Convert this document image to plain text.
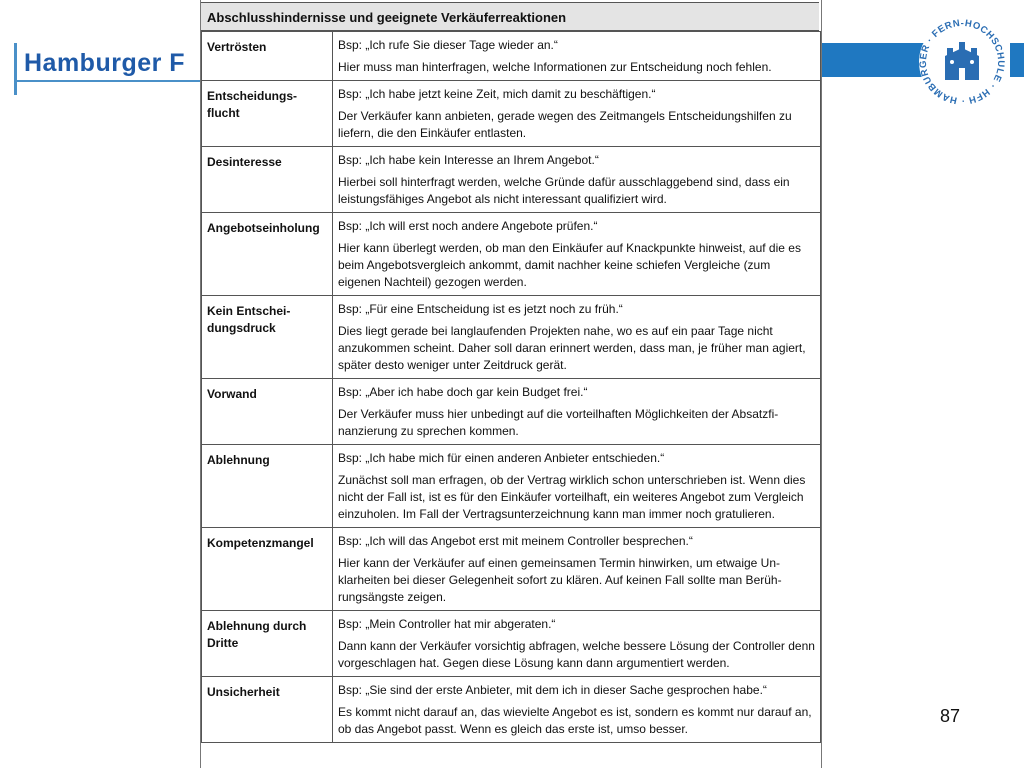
Hamburger F
HAMBURGER · FERN-HOCHSCHULE · HFH ·
Abschlusshindernisse und geeignete Verkäuferreaktionen
Vertrösten	Bsp: „Ich rufe Sie dieser Tage wieder an.“
Hier muss man hinterfragen, welche Informationen zur Entscheidung noch fehlen.

Entscheidungs-flucht	Bsp: „Ich habe jetzt keine Zeit, mich damit zu beschäftigen.“
Der Verkäufer kann anbieten, gerade wegen des Zeitmangels Entscheidungshilfen zu liefern, die den Einkäufer entlasten.

Desinteresse	Bsp: „Ich habe kein Interesse an Ihrem Angebot.“
Hierbei soll hinterfragt werden, welche Gründe dafür ausschlaggebend sind, dass ein leistungsfähiges Angebot als nicht interessant qualifiziert wird.

Angebotseinholung	Bsp: „Ich will erst noch andere Angebote prüfen.“
Hier kann überlegt werden, ob man den Einkäufer auf Knackpunkte hinweist, auf die es beim Angebotsvergleich ankommt, damit nachher keine schiefen Vergleiche (zum eigenen Nachteil) gezogen werden.

Kein Entschei-dungsdruck	Bsp: „Für eine Entscheidung ist es jetzt noch zu früh.“
Dies liegt gerade bei langlaufenden Projekten nahe, wo es auf ein paar Tage nicht anzukommen scheint. Daher soll daran erinnert werden, dass man, je früher man agiert, später desto weniger unter Zeitdruck gerät.

Vorwand	Bsp: „Aber ich habe doch gar kein Budget frei.“
Der Verkäufer muss hier unbedingt auf die vorteilhaften Möglichkeiten der Absatzfi-nanzierung zu sprechen kommen.

Ablehnung	Bsp: „Ich habe mich für einen anderen Anbieter entschieden.“
Zunächst soll man erfragen, ob der Vertrag wirklich schon unterschrieben ist. Wenn dies nicht der Fall ist, ist es für den Einkäufer vorteilhaft, ein weiteres Angebot zum Vergleich einzuholen. Im Fall der Vertragsunterzeichnung kann man immer noch gratulieren.

Kompetenzmangel	Bsp: „Ich will das Angebot erst mit meinem Controller besprechen.“
Hier kann der Verkäufer auf einen gemeinsamen Termin hinwirken, um etwaige Un-klarheiten bei dieser Gelegenheit sofort zu klären. Auf keinen Fall sollte man Berüh-rungsängste zeigen.

Ablehnung durch Dritte	Bsp: „Mein Controller hat mir abgeraten.“
Dann kann der Verkäufer vorsichtig abfragen, welche bessere Lösung der Controller denn vorgeschlagen hat. Gegen diese Lösung kann dann argumentiert werden.

Unsicherheit	Bsp: „Sie sind der erste Anbieter, mit dem ich in dieser Sache gesprochen habe.“
Es kommt nicht darauf an, das wievielte Angebot es ist, sondern es kommt nur darauf an, ob das Angebot passt. Wenn es gleich das erste ist, umso besser.
87
